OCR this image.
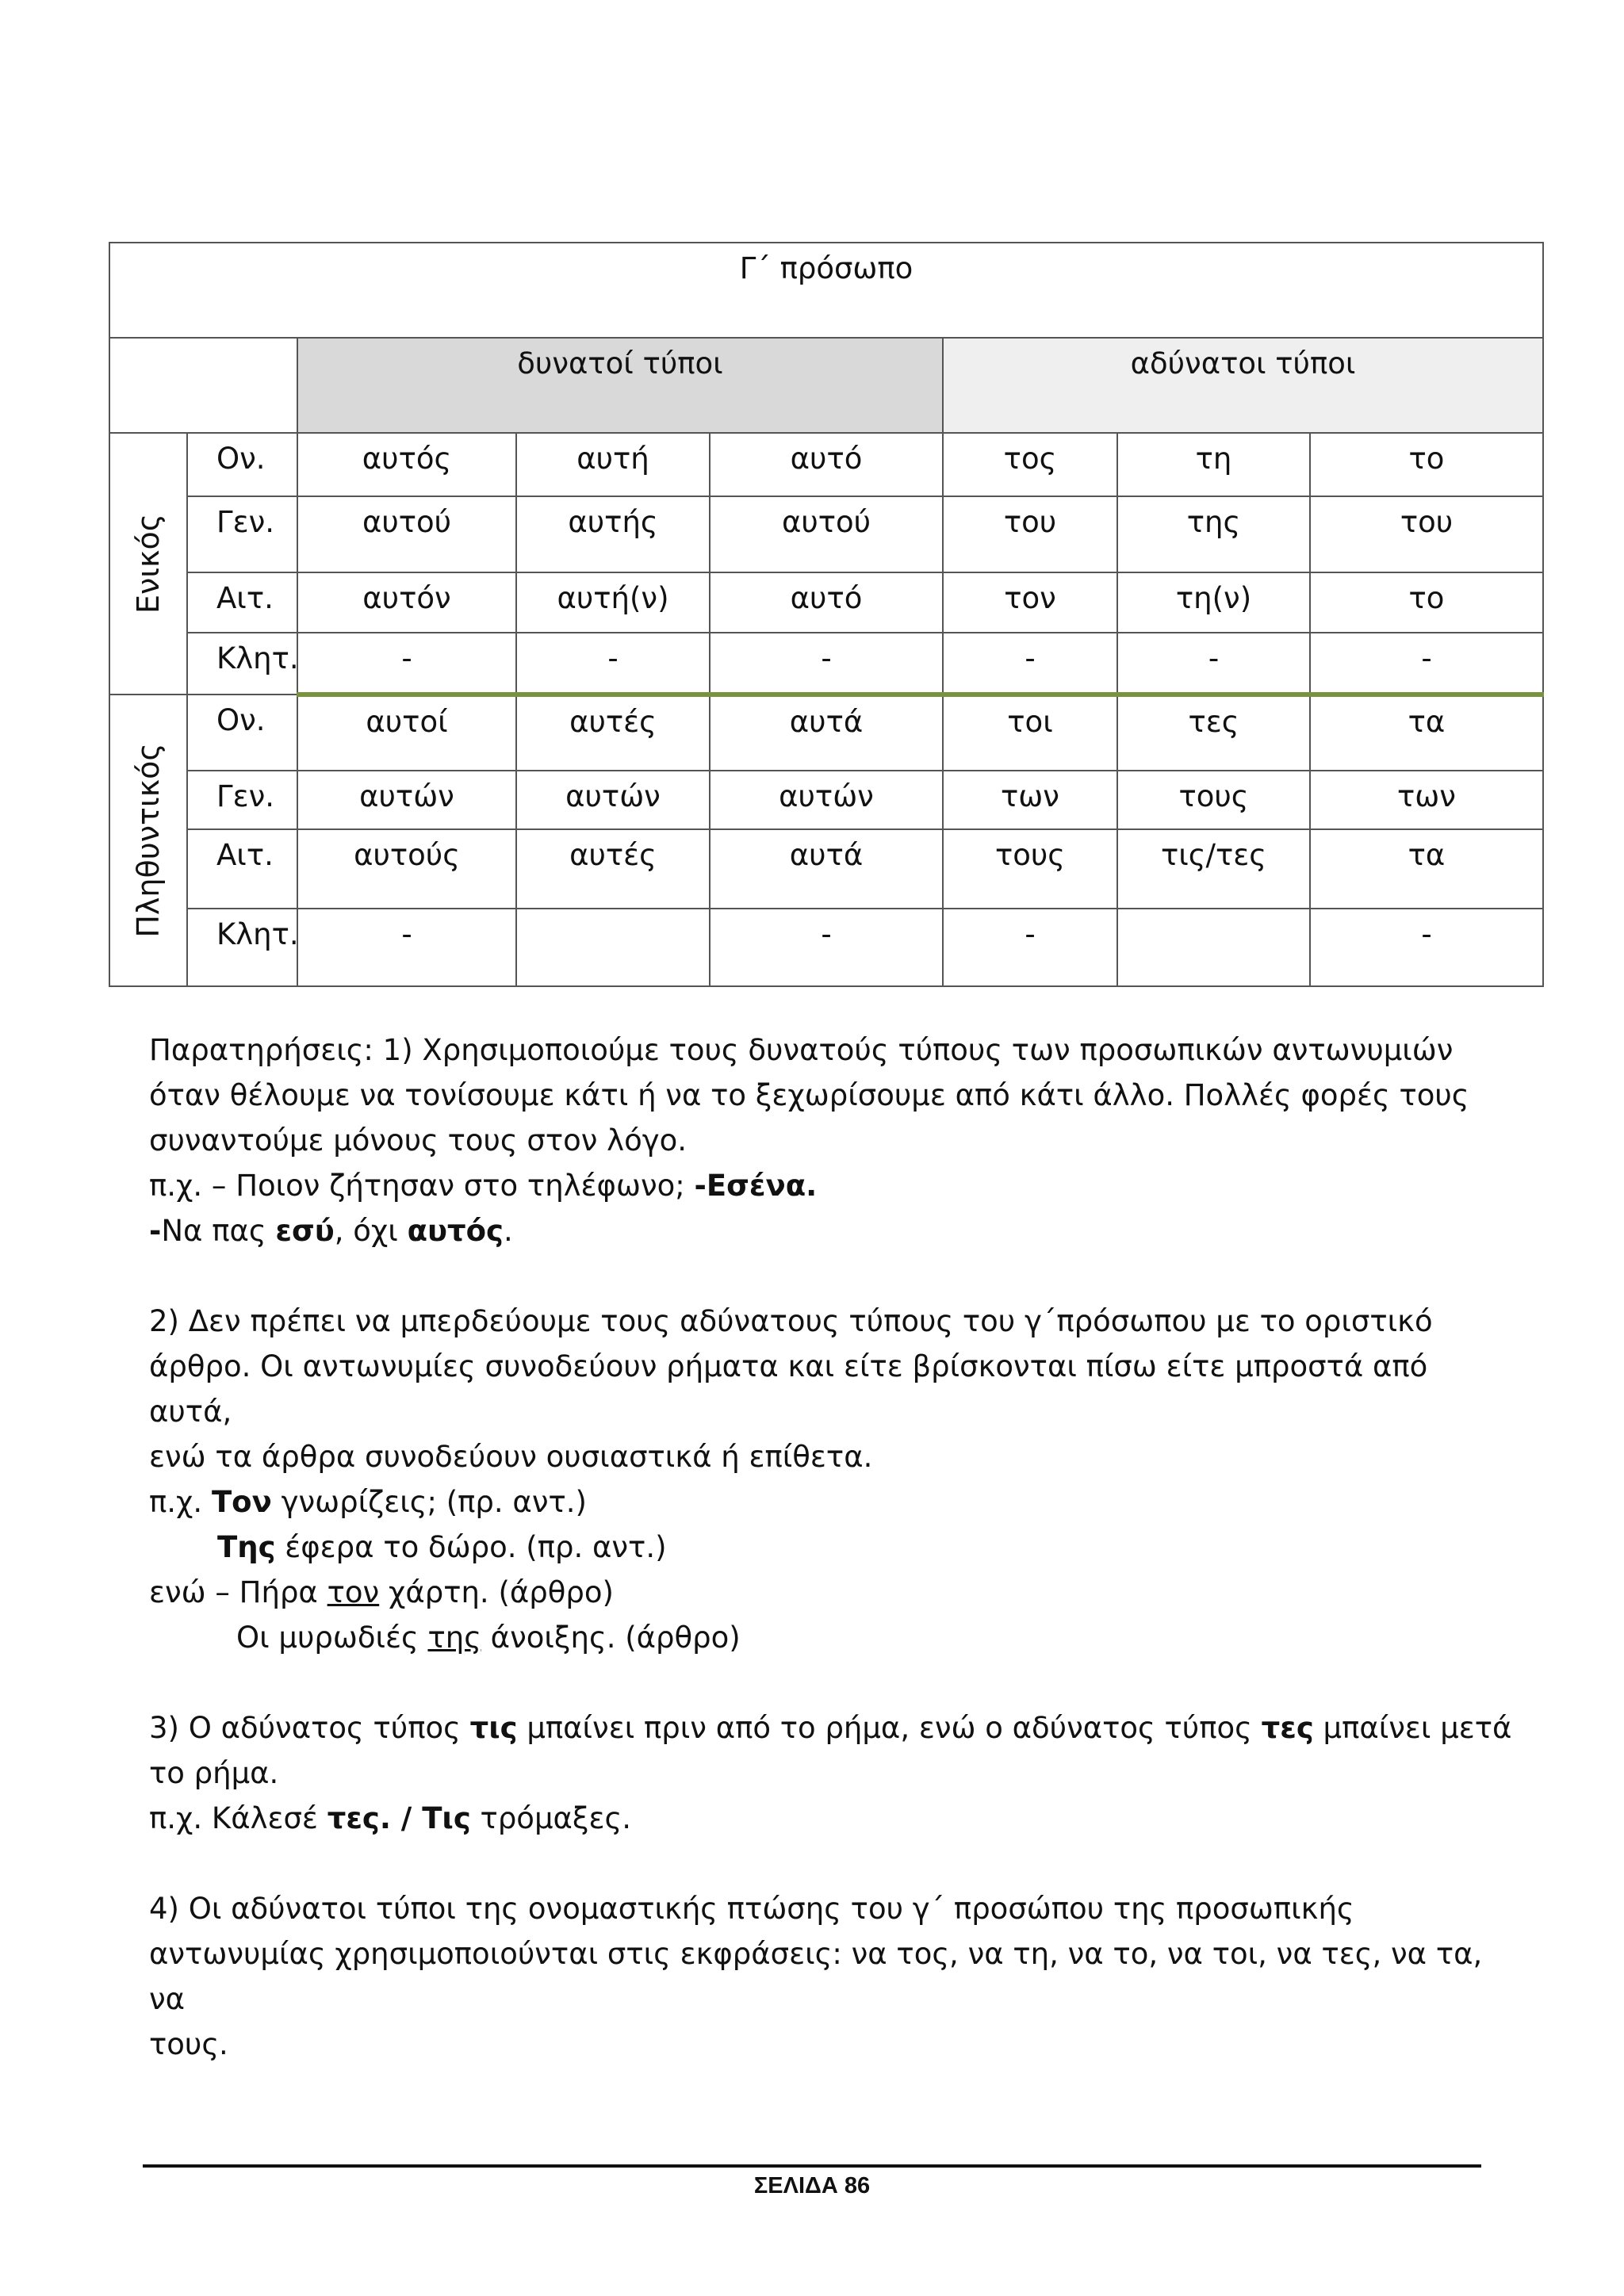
Γ΄ πρόσωπο							
		δυνατοί τύποι			αδύνατοι τύποι		

Ενικός	Ον.	αυτός	αυτή	αυτό	τος	τη	το
	Γεν.	αυτού	αυτής	αυτού	του	της	του
	Αιτ.	αυτόν	αυτή(ν)	αυτό	τον	τη(ν)	το
	Κλητ.	-	-	-	-	-	-

Πληθυντικός	Ον.	αυτοί	αυτές	αυτά	τοι	τες	τα
	Γεν.	αυτών	αυτών	αυτών	των	τους	των
	Αιτ.	αυτούς	αυτές	αυτά	τους	τις/τες	τα
	Κλητ.	-		-	-		-

Παρατηρήσεις: 1) Χρησιμοποιούμε τους δυνατούς τύπους των προσωπικών αντωνυμιών

όταν θέλουμε να τονίσουμε κάτι ή να το ξεχωρίσουμε από κάτι άλλο. Πολλές φορές τους

συναντούμε μόνους τους στον λόγο.

π.χ. – Ποιον ζήτησαν στο τηλέφωνο; -Εσένα.

-Να πας εσύ, όχι αυτός.

2) Δεν πρέπει να μπερδεύουμε τους αδύνατους τύπους του γ΄πρόσωπου με το οριστικό

άρθρο. Οι αντωνυμίες συνοδεύουν ρήματα και είτε βρίσκονται πίσω είτε μπροστά από αυτά,

ενώ τα άρθρα συνοδεύουν ουσιαστικά ή επίθετα.

π.χ. Τον γνωρίζεις; (πρ. αντ.)

Της έφερα το δώρο. (πρ. αντ.)

ενώ – Πήρα τον χάρτη. (άρθρο)

Οι μυρωδιές της άνοιξης. (άρθρο)

3) Ο αδύνατος τύπος τις μπαίνει πριν από το ρήμα, ενώ ο αδύνατος τύπος τες μπαίνει μετά

το ρήμα.

π.χ. Κάλεσέ τες. / Τις τρόμαξες.

4) Οι αδύνατοι τύποι της ονομαστικής πτώσης του γ΄ προσώπου της προσωπικής

αντωνυμίας χρησιμοποιούνται στις εκφράσεις: να τος, να τη, να το, να τοι, να τες, να τα, να

τους.

ΣΕΛΙΔΑ 86
